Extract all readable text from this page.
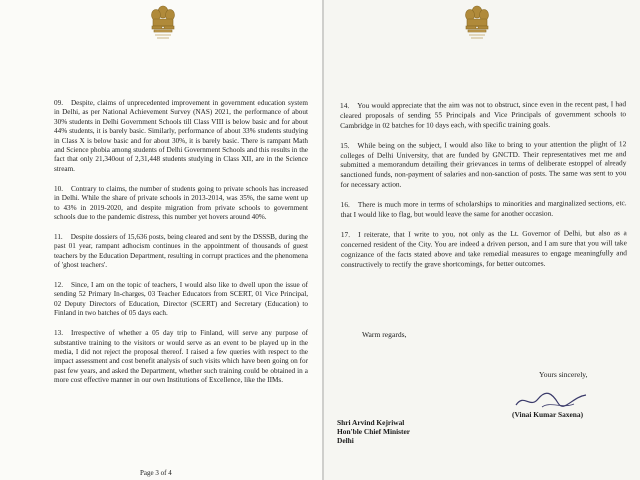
09. Despite, claims of unprecedented improvement in government education system in Delhi, as per National Achievement Survey (NAS) 2021, the performance of about 30% students in Delhi Government Schools till Class VIII is below basic and for about 44% students, it is barely basic. Similarly, performance of about 33% students studying in Class X is below basic and for about 30%, it is barely basic. There is rampant Math and Science phobia among students of Delhi Government Schools and this results in the fact that only 21,340out of 2,31,448 students studying in Class XII, are in the Science stream.

10. Contrary to claims, the number of students going to private schools has increased in Delhi. While the share of private schools in 2013-2014, was 35%, the same went up to 43% in 2019-2020, and despite migration from private schools to government schools due to the pandemic distress, this number yet hovers around 40%.

11. Despite dossiers of 15,636 posts, being cleared and sent by the DSSSB, during the past 01 year, rampant adhocism continues in the appointment of thousands of guest teachers by the Education Department, resulting in corrupt practices and the phenomena of 'ghost teachers'.

12. Since, I am on the topic of teachers, I would also like to dwell upon the issue of sending 52 Primary In-charges, 03 Teacher Educators from SCERT, 01 Vice Principal, 02 Deputy Directors of Education, Director (SCERT) and Secretary (Education) to Finland in two batches of 05 days each.

13. Irrespective of whether a 05 day trip to Finland, will serve any purpose of substantive training to the visitors or would serve as an event to be played up in the media, I did not reject the proposal thereof. I raised a few queries with respect to the impact assessment and cost benefit analysis of such visits which have been going on for past few years, and asked the Department, whether such training could be obtained in a more cost effective manner in our own Institutions of Excellence, like the IIMs.

Page 3 of 4

14. You would appreciate that the aim was not to obstruct, since even in the recent past, I had cleared proposals of sending 55 Principals and Vice Principals of government schools to Cambridge in 02 batches for 10 days each, with specific training goals.

15. While being on the subject, I would also like to bring to your attention the plight of 12 colleges of Delhi University, that are funded by GNCTD. Their representatives met me and submitted a memorandum detailing their grievances in terms of deliberate estoppel of already sanctioned funds, non-payment of salaries and non-sanction of posts. The same was sent to you for necessary action.

16. There is much more in terms of scholarships to minorities and marginalized sections, etc. that I would like to flag, but would leave the same for another occasion.

17. I reiterate, that I write to you, not only as the Lt. Governor of Delhi, but also as a concerned resident of the City. You are indeed a driven person, and I am sure that you will take cognizance of the facts stated above and take remedial measures to engage meaningfully and constructively to rectify the grave shortcomings, for better outcomes.

Warm regards,
Yours sincerely,
Shri Arvind Kejriwal
Hon'ble Chief Minister
Delhi
(Vinai Kumar Saxena)
